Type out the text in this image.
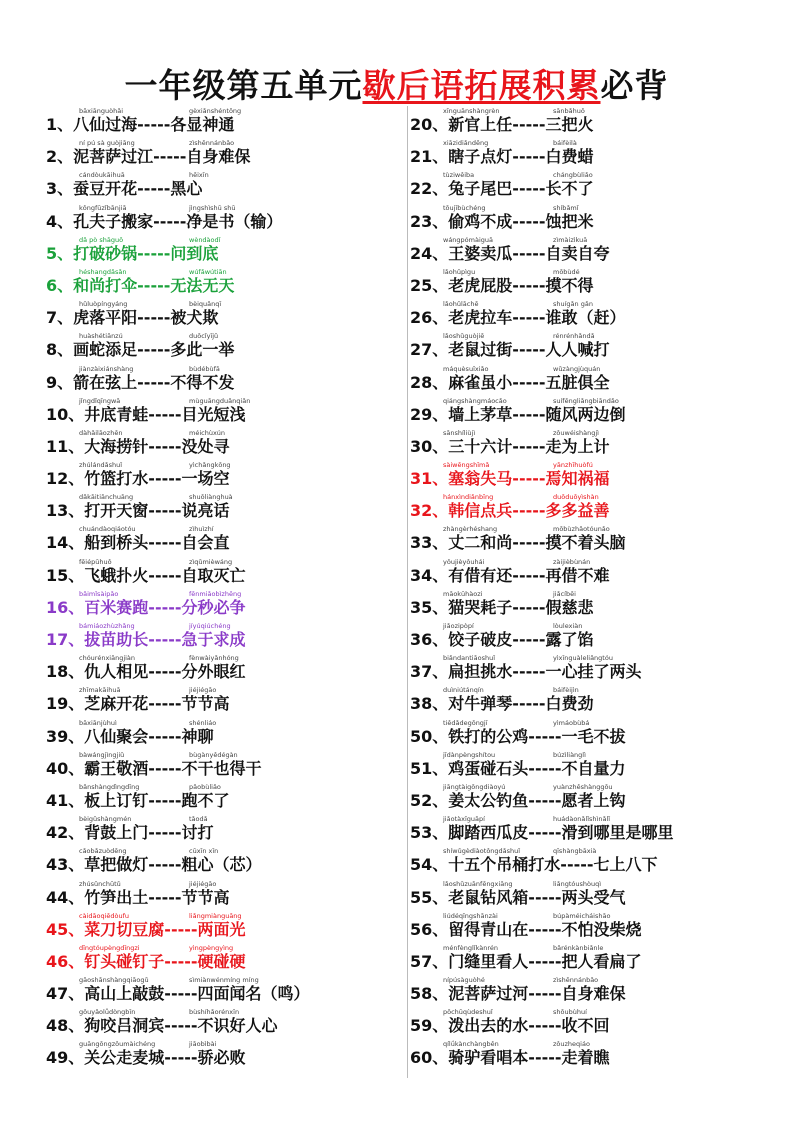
一年级第五单元歇后语拓展积累必背
bāxiānguòhǎi	gèxiǎnshéntōng
1、八仙过海-----各显神通
ní pú sà guòjiāng	zìshēnnánbǎo
2、泥菩萨过江-----自身难保
cándòukāihuā	hēixīn
3、蚕豆开花-----黑心
kǒngfūzǐbānjiā	jìngshìshū shū
4、孔夫子搬家-----净是书（输）
dǎ pò shāguō	wèndàodǐ
5、打破砂锅-----问到底
héshangdǎsǎn	wúfǎwútiān
6、和尚打伞-----无法无天
hǔluòpíngyáng	bèiquǎnqī
7、虎落平阳-----被犬欺
huàshétiānzú	duōcǐyījǔ
8、画蛇添足-----多此一举
jiànzàixiánshàng	bùdébùfā
9、箭在弦上-----不得不发
jǐngdǐqīngwā	mùguāngduǎnqiǎn
10、井底青蛙-----目光短浅
dàhǎilāozhēn	méichùxún
11、大海捞针-----没处寻
zhúlándǎshuǐ	yìchǎngkōng
12、竹篮打水-----一场空
dǎkāitiānchuāng	shuōliànghuà
13、打开天窗-----说亮话
chuándàoqiáotóu	zìhuìzhí
14、船到桥头-----自会直
fēiépūhuǒ	zìqǔmièwáng
15、飞蛾扑火-----自取灭亡
bǎimǐsàipǎo	fēnmiǎobìzhēng
16、百米赛跑-----分秒必争
bámiáozhùzhǎng	jíyúqiúchéng
17、拔苗助长-----急于求成
chóurénxiāngjiàn	fènwàiyǎnhóng
18、仇人相见-----分外眼红
zhīmakāihuā	jiéjiégāo
19、芝麻开花-----节节高
bāxiānjùhuì	shénliáo
39、八仙聚会-----神聊
bàwángjìngjiǔ	bùgànyědégàn
40、霸王敬酒-----不干也得干
bǎnshàngdìngdīng	pǎobùliǎo
41、板上订钉-----跑不了
bèigǔshàngmén	tǎodǎ
42、背鼓上门-----讨打
cǎobǎzuòdēng	cūxīn xīn
43、草把做灯-----粗心（芯）
zhúsǔnchūtǔ	jiéjiégāo
44、竹笋出土-----节节高
càidāoqiēdòufu	liǎngmiànguāng
45、菜刀切豆腐-----两面光
dīngtóupèngdīngzi	yìngpèngyìng
46、钉头碰钉子-----硬碰硬
gāoshānshàngqiāogǔ	sìmiànwénmíng míng
47、高山上敲鼓-----四面闻名（鸣）
gǒuyǎolǚdòngbīn	bùshíhǎorénxīn
48、狗咬吕洞宾-----不识好人心
guāngōngzǒumàichéng	jiāobìbài
49、关公走麦城-----骄必败
xīnguānshàngrèn	sānbǎhuǒ
20、新官上任-----三把火
xiāzidiǎndēng	báifèilà
21、瞎子点灯-----白费蜡
tùziwěiba	chángbùliǎo
22、兔子尾巴-----长不了
tōujībùchéng	shíbǎmǐ
23、偷鸡不成-----蚀把米
wángpómàiguā	zìmàizìkuā
24、王婆卖瓜-----自卖自夸
lǎohǔpìgu	mōbùdé
25、老虎屁股-----摸不得
lǎohǔlāchē	shuígǎn gǎn
26、老虎拉车-----谁敢（赶）
lǎoshǔguòjiē	rénrénhǎndǎ
27、老鼠过街-----人人喊打
máquèsuīxiǎo	wǔzàngjùquán
28、麻雀虽小-----五脏俱全
qiángshàngmáocǎo	suífēngliǎngbiāndǎo
29、墙上茅草-----随风两边倒
sānshíliùjì	zǒuwéishàngjì
30、三十六计-----走为上计
sàiwēngshīmǎ	yānzhīhuòfú
31、塞翁失马-----焉知祸福
hánxìndiǎnbīng	duōduōyìshàn
32、韩信点兵-----多多益善
zhàngèrhéshang	mōbùzhǎotóunǎo
33、丈二和尚-----摸不着头脑
yǒujièyǒuhái	zàijièbùnán
34、有借有还-----再借不难
māokūhàozi	jiǎcíbēi
35、猫哭耗子-----假慈悲
jiǎozipòpí	lòulexiàn
36、饺子破皮-----露了馅
biǎndantiāoshuǐ	yìxīnguàleliǎngtóu
37、扁担挑水-----一心挂了两头
duìniútánqín	báifèijìn
38、对牛弹琴-----白费劲
tiědǎdegōngjī	yìmáobùbá
50、铁打的公鸡-----一毛不拔
jīdànpèngshítou	búzìliànglì
51、鸡蛋碰石头-----不自量力
jiāngtàigōngdiàoyú	yuànzhěshànggōu
52、姜太公钓鱼-----愿者上钩
jiǎotàxīguāpí	huádàonǎlǐshìnǎlǐ
53、脚踏西瓜皮-----滑到哪里是哪里
shíwǔgèdiàotǒngdǎshuǐ	qīshàngbāxià
54、十五个吊桶打水-----七上八下
lǎoshǔzuānfēngxiāng	liǎngtóushòuqì
55、老鼠钻风箱-----两头受气
liúdéqīngshānzài	búpàméicháishāo
56、留得青山在-----不怕没柴烧
ménfènglǐkànrén	bǎrénkànbiǎnle
57、门缝里看人-----把人看扁了
nípúsàguòhé	zìshēnnánbǎo
58、泥菩萨过河-----自身难保
pōchūqùdeshuǐ	shōubùhuí
59、泼出去的水-----收不回
qílǘkànchàngběn	zǒuzheqiáo
60、骑驴看唱本-----走着瞧
